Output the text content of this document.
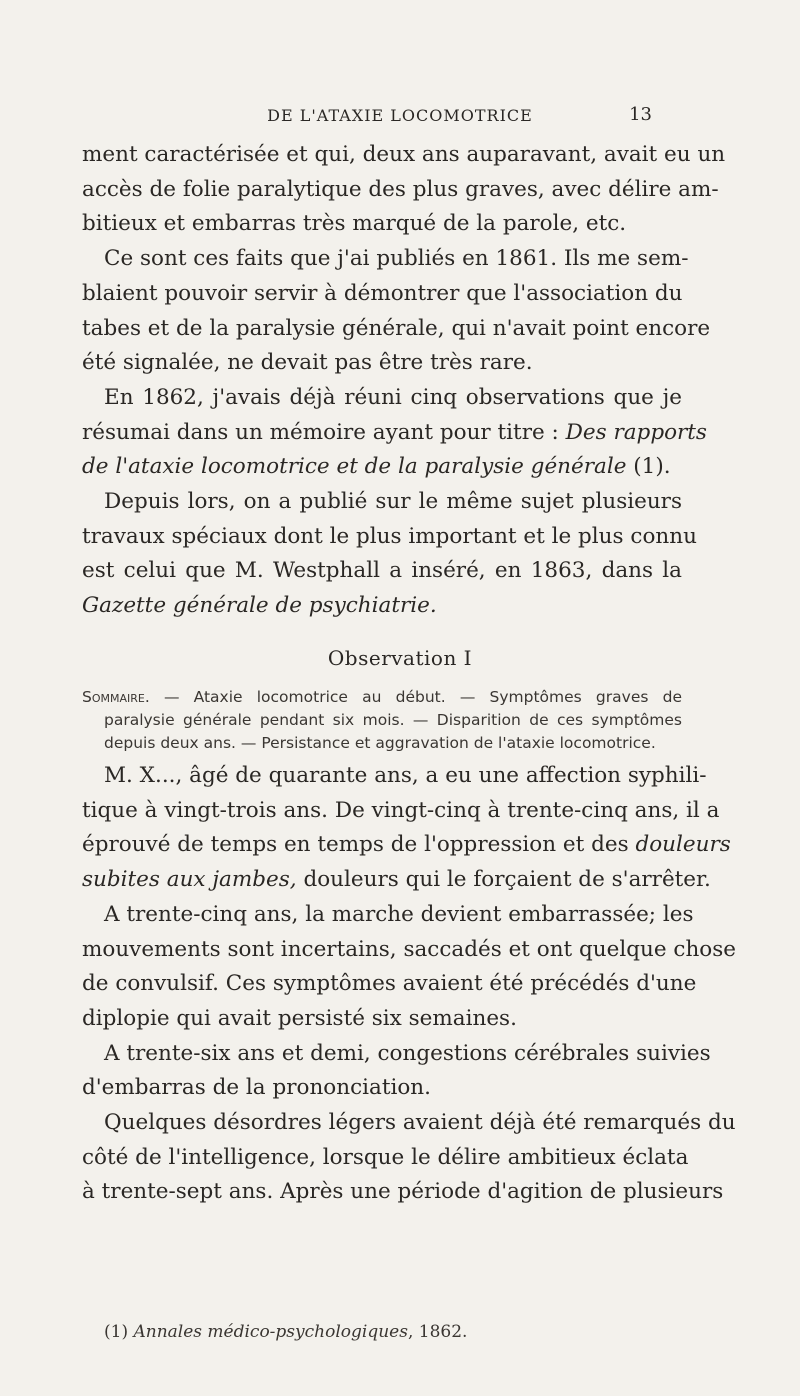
DE L'ATAXIE LOCOMOTRICE	13
ment caractérisée et qui, deux ans auparavant, avait eu un
accès de folie paralytique des plus graves, avec délire am-
bitieux et embarras très marqué de la parole, etc.
Ce sont ces faits que j'ai publiés en 1861. Ils me sem-
blaient pouvoir servir à démontrer que l'association du
tabes et de la paralysie générale, qui n'avait point encore
été signalée, ne devait pas être très rare.
En 1862, j'avais déjà réuni cinq observations que je
résumai dans un mémoire ayant pour titre : Des rapports
de l'ataxie locomotrice et de la paralysie générale (1).
Depuis lors, on a publié sur le même sujet plusieurs
travaux spéciaux dont le plus important et le plus connu
est celui que M. Westphall a inséré, en 1863, dans la
Gazette générale de psychiatrie.
Observation I
Sommaire. — Ataxie locomotrice au début. — Symptômes graves de
paralysie générale pendant six mois. — Disparition de ces symptômes
depuis deux ans. — Persistance et aggravation de l'ataxie locomotrice.
M. X..., âgé de quarante ans, a eu une affection syphili-
tique à vingt-trois ans. De vingt-cinq à trente-cinq ans, il a
éprouvé de temps en temps de l'oppression et des douleurs
subites aux jambes, douleurs qui le forçaient de s'arrêter.
A trente-cinq ans, la marche devient embarrassée; les
mouvements sont incertains, saccadés et ont quelque chose
de convulsif. Ces symptômes avaient été précédés d'une
diplopie qui avait persisté six semaines.
A trente-six ans et demi, congestions cérébrales suivies
d'embarras de la prononciation.
Quelques désordres légers avaient déjà été remarqués du
côté de l'intelligence, lorsque le délire ambitieux éclata
à trente-sept ans. Après une période d'agition de plusieurs
(1) Annales médico-psychologiques, 1862.
